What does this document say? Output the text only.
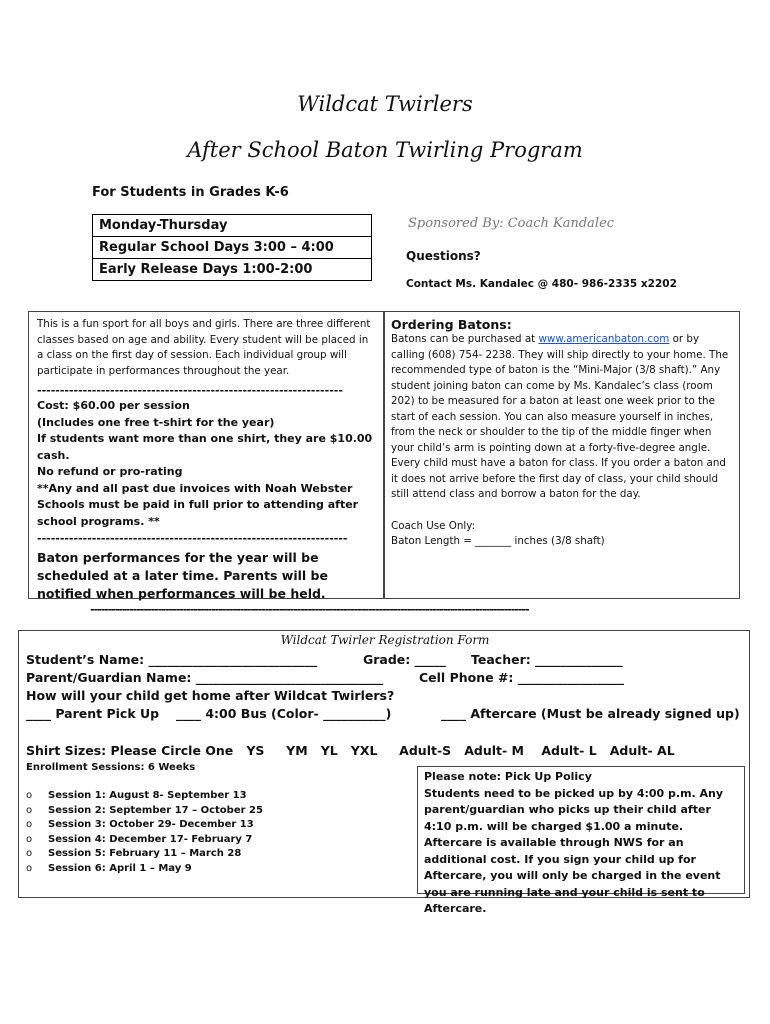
Wildcat Twirlers
After School Baton Twirling Program
For Students in Grades K-6
Monday-Thursday
Regular School Days 3:00 – 4:00
Early Release Days 1:00-2:00
Sponsored By: Coach Kandalec
Questions?
Contact Ms. Kandalec @ 480- 986-2335 x2202
This is a fun sport for all boys and girls. There are three different classes based on age and ability. Every student will be placed in a class on the first day of session. Each individual group will participate in performances throughout the year.
-------------------------------------------------------------------
Cost: $60.00 per session
(Includes one free t-shirt for the year)
If students want more than one shirt, they are $10.00 cash.
No refund or pro-rating
**Any and all past due invoices with Noah Webster Schools must be paid in full prior to attending after school programs. **
--------------------------------------------------------------------
Baton performances for the year will be scheduled at a later time. Parents will be notified when performances will be held.
Ordering Batons:
Batons can be purchased at www.americanbaton.com or by calling (608) 754- 2238. They will ship directly to your home. The recommended type of baton is the “Mini-Major (3/8 shaft).” Any student joining baton can come by Ms. Kandalec’s class (room 202) to be measured for a baton at least one week prior to the start of each session. You can also measure yourself in inches, from the neck or shoulder to the tip of the middle finger when your child’s arm is pointing down at a forty-five-degree angle. Every child must have a baton for class. If you order a baton and it does not arrive before the first day of class, your child should still attend class and borrow a baton for the day.
Coach Use Only:
Baton Length = _______ inches (3/8 shaft)
---------------------------------------------------------------------------------------------------------------------------
Wildcat Twirler Registration Form
Student’s Name: ___________________________	Grade: _____ Teacher: ______________
Parent/Guardian Name: ______________________________	Cell Phone #: _________________
How will your child get home after Wildcat Twirlers?
____ Parent Pick Up ____ 4:00 Bus (Color- __________)	____ Aftercare (Must be already signed up)
Shirt Sizes: Please Circle One   YS     YM   YL   YXL     Adult-S   Adult- M    Adult- L   Adult- AL
Enrollment Sessions: 6 Weeks
o Session 1: August 8- September 13
o Session 2: September 17 – October 25
o Session 3: October 29- December 13
o Session 4: December 17- February 7
o Session 5: February 11 – March 28
o Session 6: April 1 – May 9
Please note: Pick Up Policy
Students need to be picked up by 4:00 p.m. Any parent/guardian who picks up their child after 4:10 p.m. will be charged $1.00 a minute. Aftercare is available through NWS for an additional cost. If you sign your child up for Aftercare, you will only be charged in the event you are running late and your child is sent to Aftercare.
